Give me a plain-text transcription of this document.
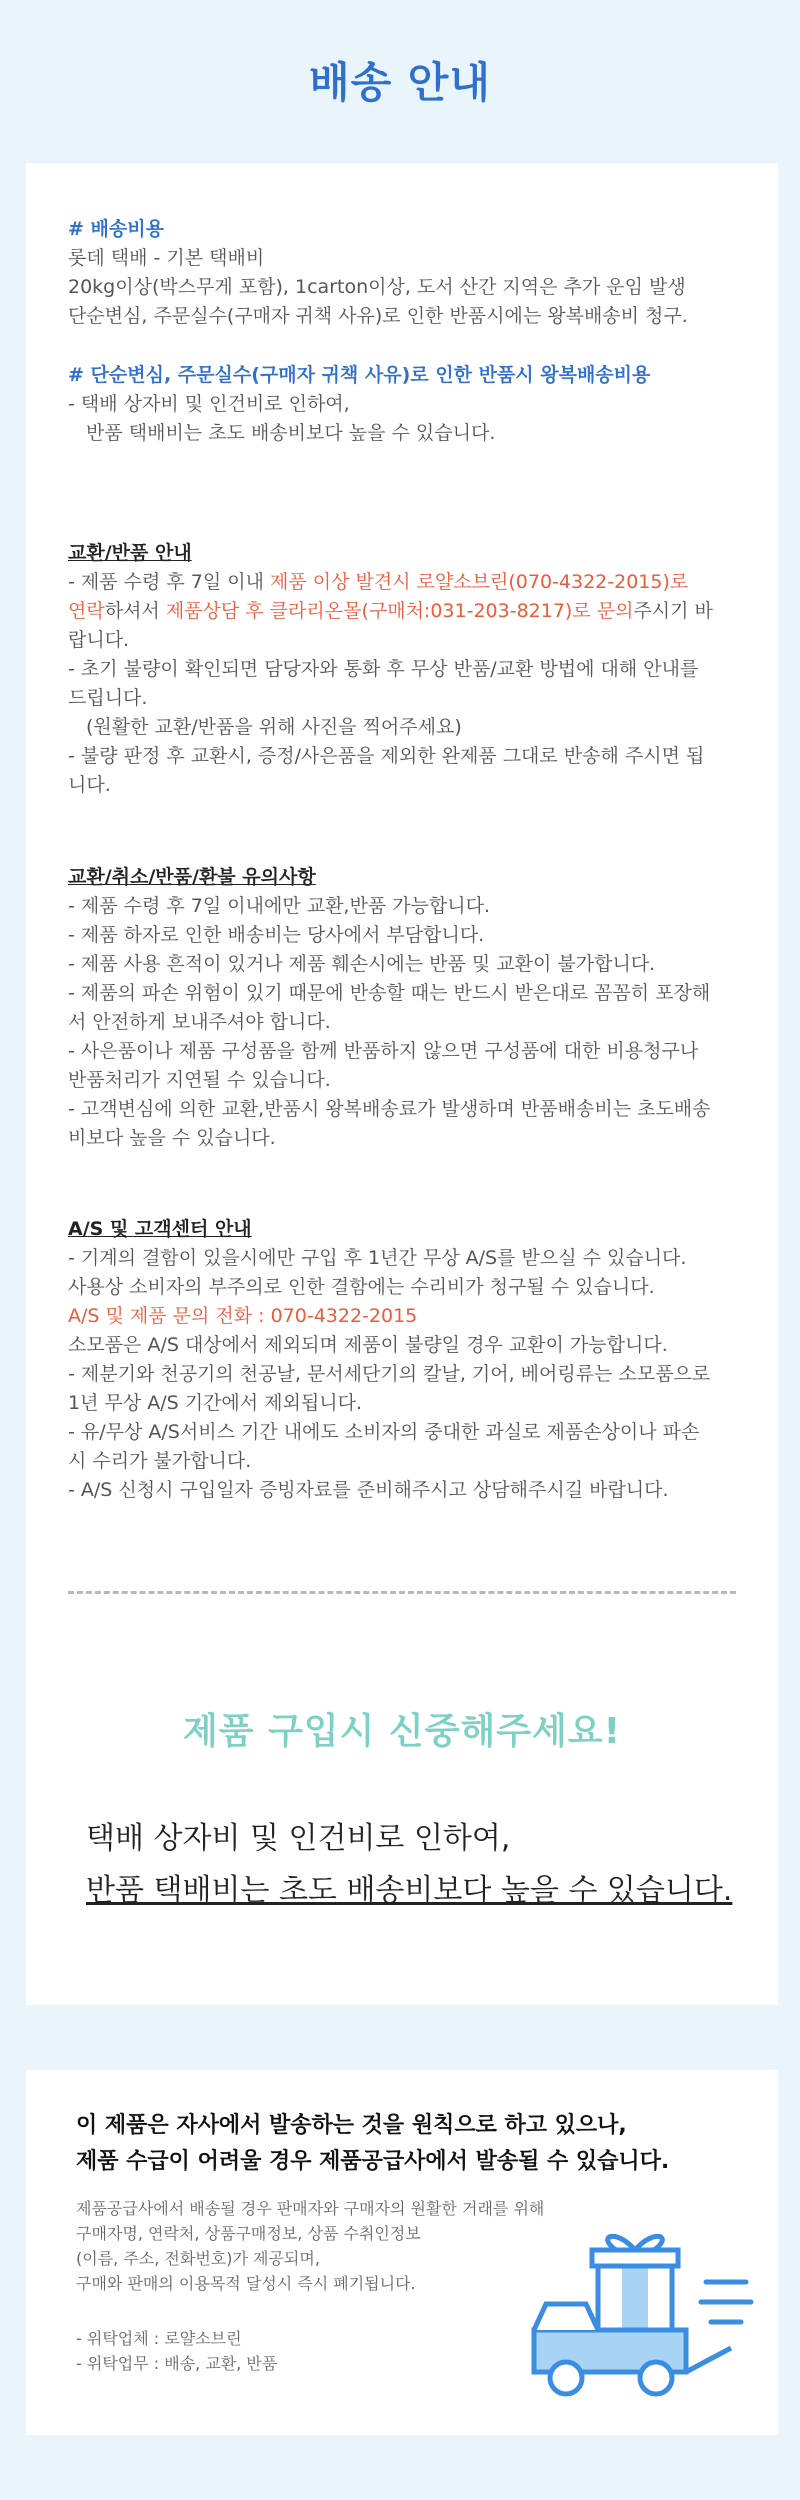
배송 안내
# 배송비용
롯데 택배 - 기본 택배비
20kg이상(박스무게 포함), 1carton이상, 도서 산간 지역은 추가 운임 발생
단순변심, 주문실수(구매자 귀책 사유)로 인한 반품시에는 왕복배송비 청구.
# 단순변심, 주문실수(구매자 귀책 사유)로 인한 반품시 왕복배송비용
- 택배 상자비 및 인건비로 인하여,
반품 택배비는 초도 배송비보다 높을 수 있습니다.
교환/반품 안내
- 제품 수령 후 7일 이내 제품 이상 발견시 로얄소브린(070-4322-2015)로
연락하셔서 제품상담 후 클라리온몰(구매처:031-203-8217)로 문의주시기 바
랍니다.
- 초기 불량이 확인되면 담당자와 통화 후 무상 반품/교환 방법에 대해 안내를
드립니다.
(원활한 교환/반품을 위해 사진을 찍어주세요)
- 불량 판정 후 교환시, 증정/사은품을 제외한 완제품 그대로 반송해 주시면 됩
니다.
교환/취소/반품/환불 유의사항
- 제품 수령 후 7일 이내에만 교환,반품 가능합니다.
- 제품 하자로 인한 배송비는 당사에서 부담합니다.
- 제품 사용 흔적이 있거나 제품 훼손시에는 반품 및 교환이 불가합니다.
- 제품의 파손 위험이 있기 때문에 반송할 때는 반드시 받은대로 꼼꼼히 포장해
서 안전하게 보내주셔야 합니다.
- 사은품이나 제품 구성품을 함께 반품하지 않으면 구성품에 대한 비용청구나
반품처리가 지연될 수 있습니다.
- 고객변심에 의한 교환,반품시 왕복배송료가 발생하며 반품배송비는 초도배송
비보다 높을 수 있습니다.
A/S 및 고객센터 안내
- 기계의 결함이 있을시에만 구입 후 1년간 무상 A/S를 받으실 수 있습니다.
사용상 소비자의 부주의로 인한 결함에는 수리비가 청구될 수 있습니다.
A/S 및 제품 문의 전화 : 070-4322-2015
소모품은 A/S 대상에서 제외되며 제품이 불량일 경우 교환이 가능합니다.
- 제분기와 천공기의 천공날, 문서세단기의 칼날, 기어, 베어링류는 소모품으로
1년 무상 A/S 기간에서 제외됩니다.
- 유/무상 A/S서비스 기간 내에도 소비자의 중대한 과실로 제품손상이나 파손
시 수리가 불가합니다.
- A/S 신청시 구입일자 증빙자료를 준비해주시고 상담해주시길 바랍니다.
제품 구입시 신중해주세요!
택배 상자비 및 인건비로 인하여,
반품 택배비는 초도 배송비보다 높을 수 있습니다.
이 제품은 자사에서 발송하는 것을 원칙으로 하고 있으나,
제품 수급이 어려울 경우 제품공급사에서 발송될 수 있습니다.
제품공급사에서 배송될 경우 판매자와 구매자의 원활한 거래를 위해
구매자명, 연락처, 상품구매정보, 상품 수취인정보
(이름, 주소, 전화번호)가 제공되며,
구매와 판매의 이용목적 달성시 즉시 폐기됩니다.
- 위탁업체 : 로얄소브린
- 위탁업무 : 배송, 교환, 반품
